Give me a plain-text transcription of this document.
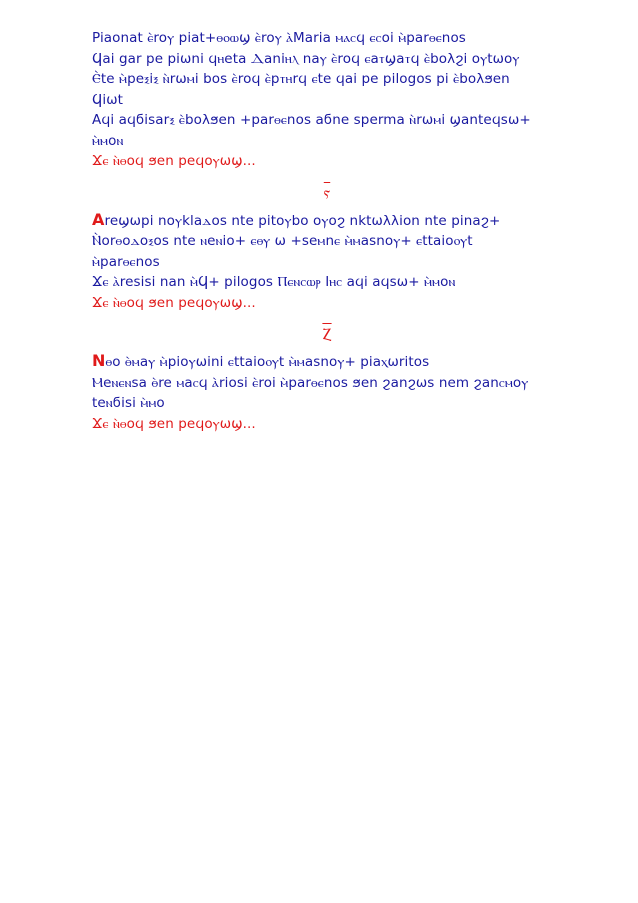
Piaonat ⲉ̀roⲩ piat+ⲑⲟⲱϣ ⲉ̀roⲩ ⲁ̀Maria ⲙⲁⲥϥ ⲉⲥoi ⲙ̀parⲑⲉnos
Ϥai gar pe piωni ϥⲏeta Ⲇaniⲏⲗ naⲩ ⲉ̀roϥ ⲉaⲧϣaⲧϥ ⲉ̀boλϩi oⲩtωoⲩ
Ⲉ̀te ⲙ̀peⲝiⲝ ⲛ̀rωⲙi bos ⲉ̀roϥ ⲉ̀pⲧⲏrϥ ⲉte ϥai pe pilogos pi ⲉ̀boλϧen
Ϥiωt
Aϥi aϥϭisarⲝ ⲉ̀boλϧen +parⲑⲉnos aϭne sperma ⲛ̀rωⲙi ϣanteϥsω+
ⲙ̀ⲙoⲛ
Ϫⲉ ⲛ̀ⲑoϥ ϧen peϥoⲩωϣ...
ⲋ
Areϣωpi noⲩklaⲇos nte pitoⲩbo oⲩoϩ nktωλλion nte pinaϩ+
Ⲛ̀orⲑoⲇoⲝos nte ⲛeⲛio+ ⲉⲑⲩ ω +seⲙnⲉ ⲙ̀ⲙasnoⲩ+ ⲉttaioⲟⲩt
ⲙ̀parⲑⲉnos
Ϫⲉ ⲁ̀resisi nan ⲙ̀Ϥ+ pilogos Ⲡⲉⲛⲥⲱⲣ Iⲏⲥ aϥi aϥsω+ ⲙ̀ⲙoⲛ
Ϫⲉ ⲛ̀ⲑoϥ ϧen peϥoⲩωϣ...
Ⲍ
Nⲑo ⲑ̀ⲙaⲩ ⲙ̀pioⲩωini ⲉttaioⲟⲩt ⲙ̀ⲙasnoⲩ+ piaⲭωritos
Ⲙeⲛⲉⲛsa ⲑ̀re ⲙaⲥϥ ⲁ̀riosi ⲉ̀roi ⲙ̀parⲑⲉnos ϧen ϩanϩωs nem ϩanⲥⲙoⲩ
teⲛϭisi ⲙ̀ⲙo
Ϫⲉ ⲛ̀ⲑoϥ ϧen peϥoⲩωϣ...
